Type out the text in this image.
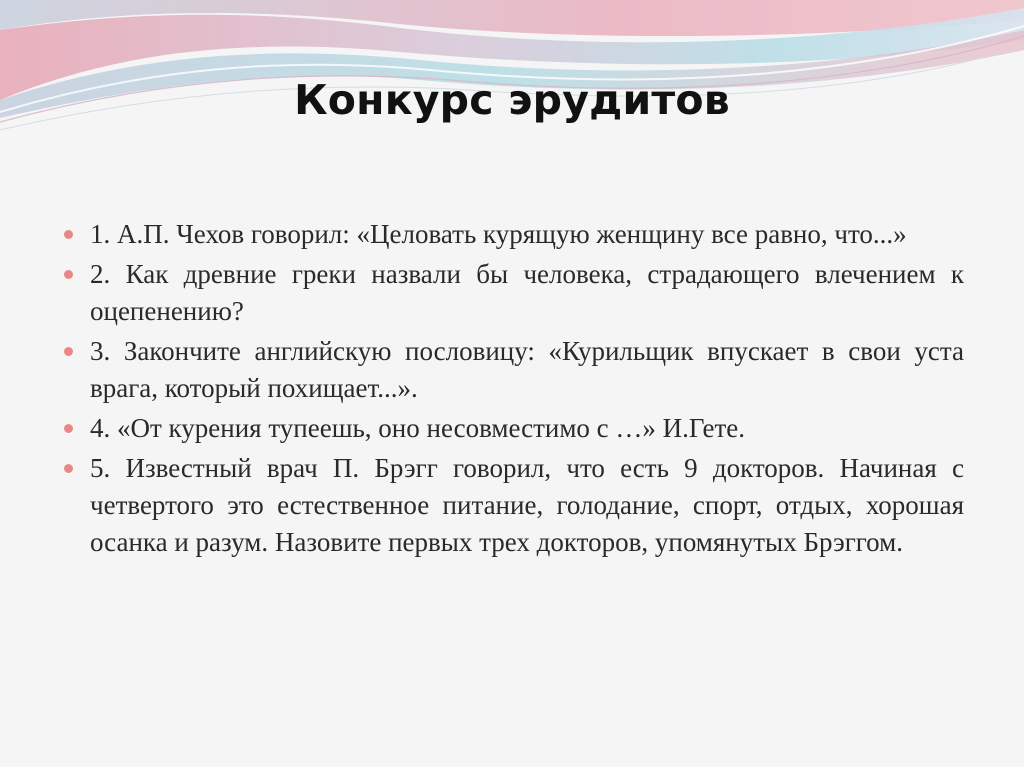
Конкурс эрудитов
1. А.П. Чехов говорил: «Целовать курящую женщину все равно, что...»
2. Как древние греки назвали бы человека, страдающего влечением к оцепенению?
3. Закончите английскую пословицу: «Курильщик впускает в свои уста врага, который похищает...».
4. «От курения тупеешь, оно несовместимо с …» И.Гете.
5. Известный врач П. Брэгг говорил, что есть 9 докторов. Начиная с четвертого это естественное питание, голодание, спорт, отдых, хорошая осанка и разум. Назовите первых трех докторов, упомянутых Брэггом.
